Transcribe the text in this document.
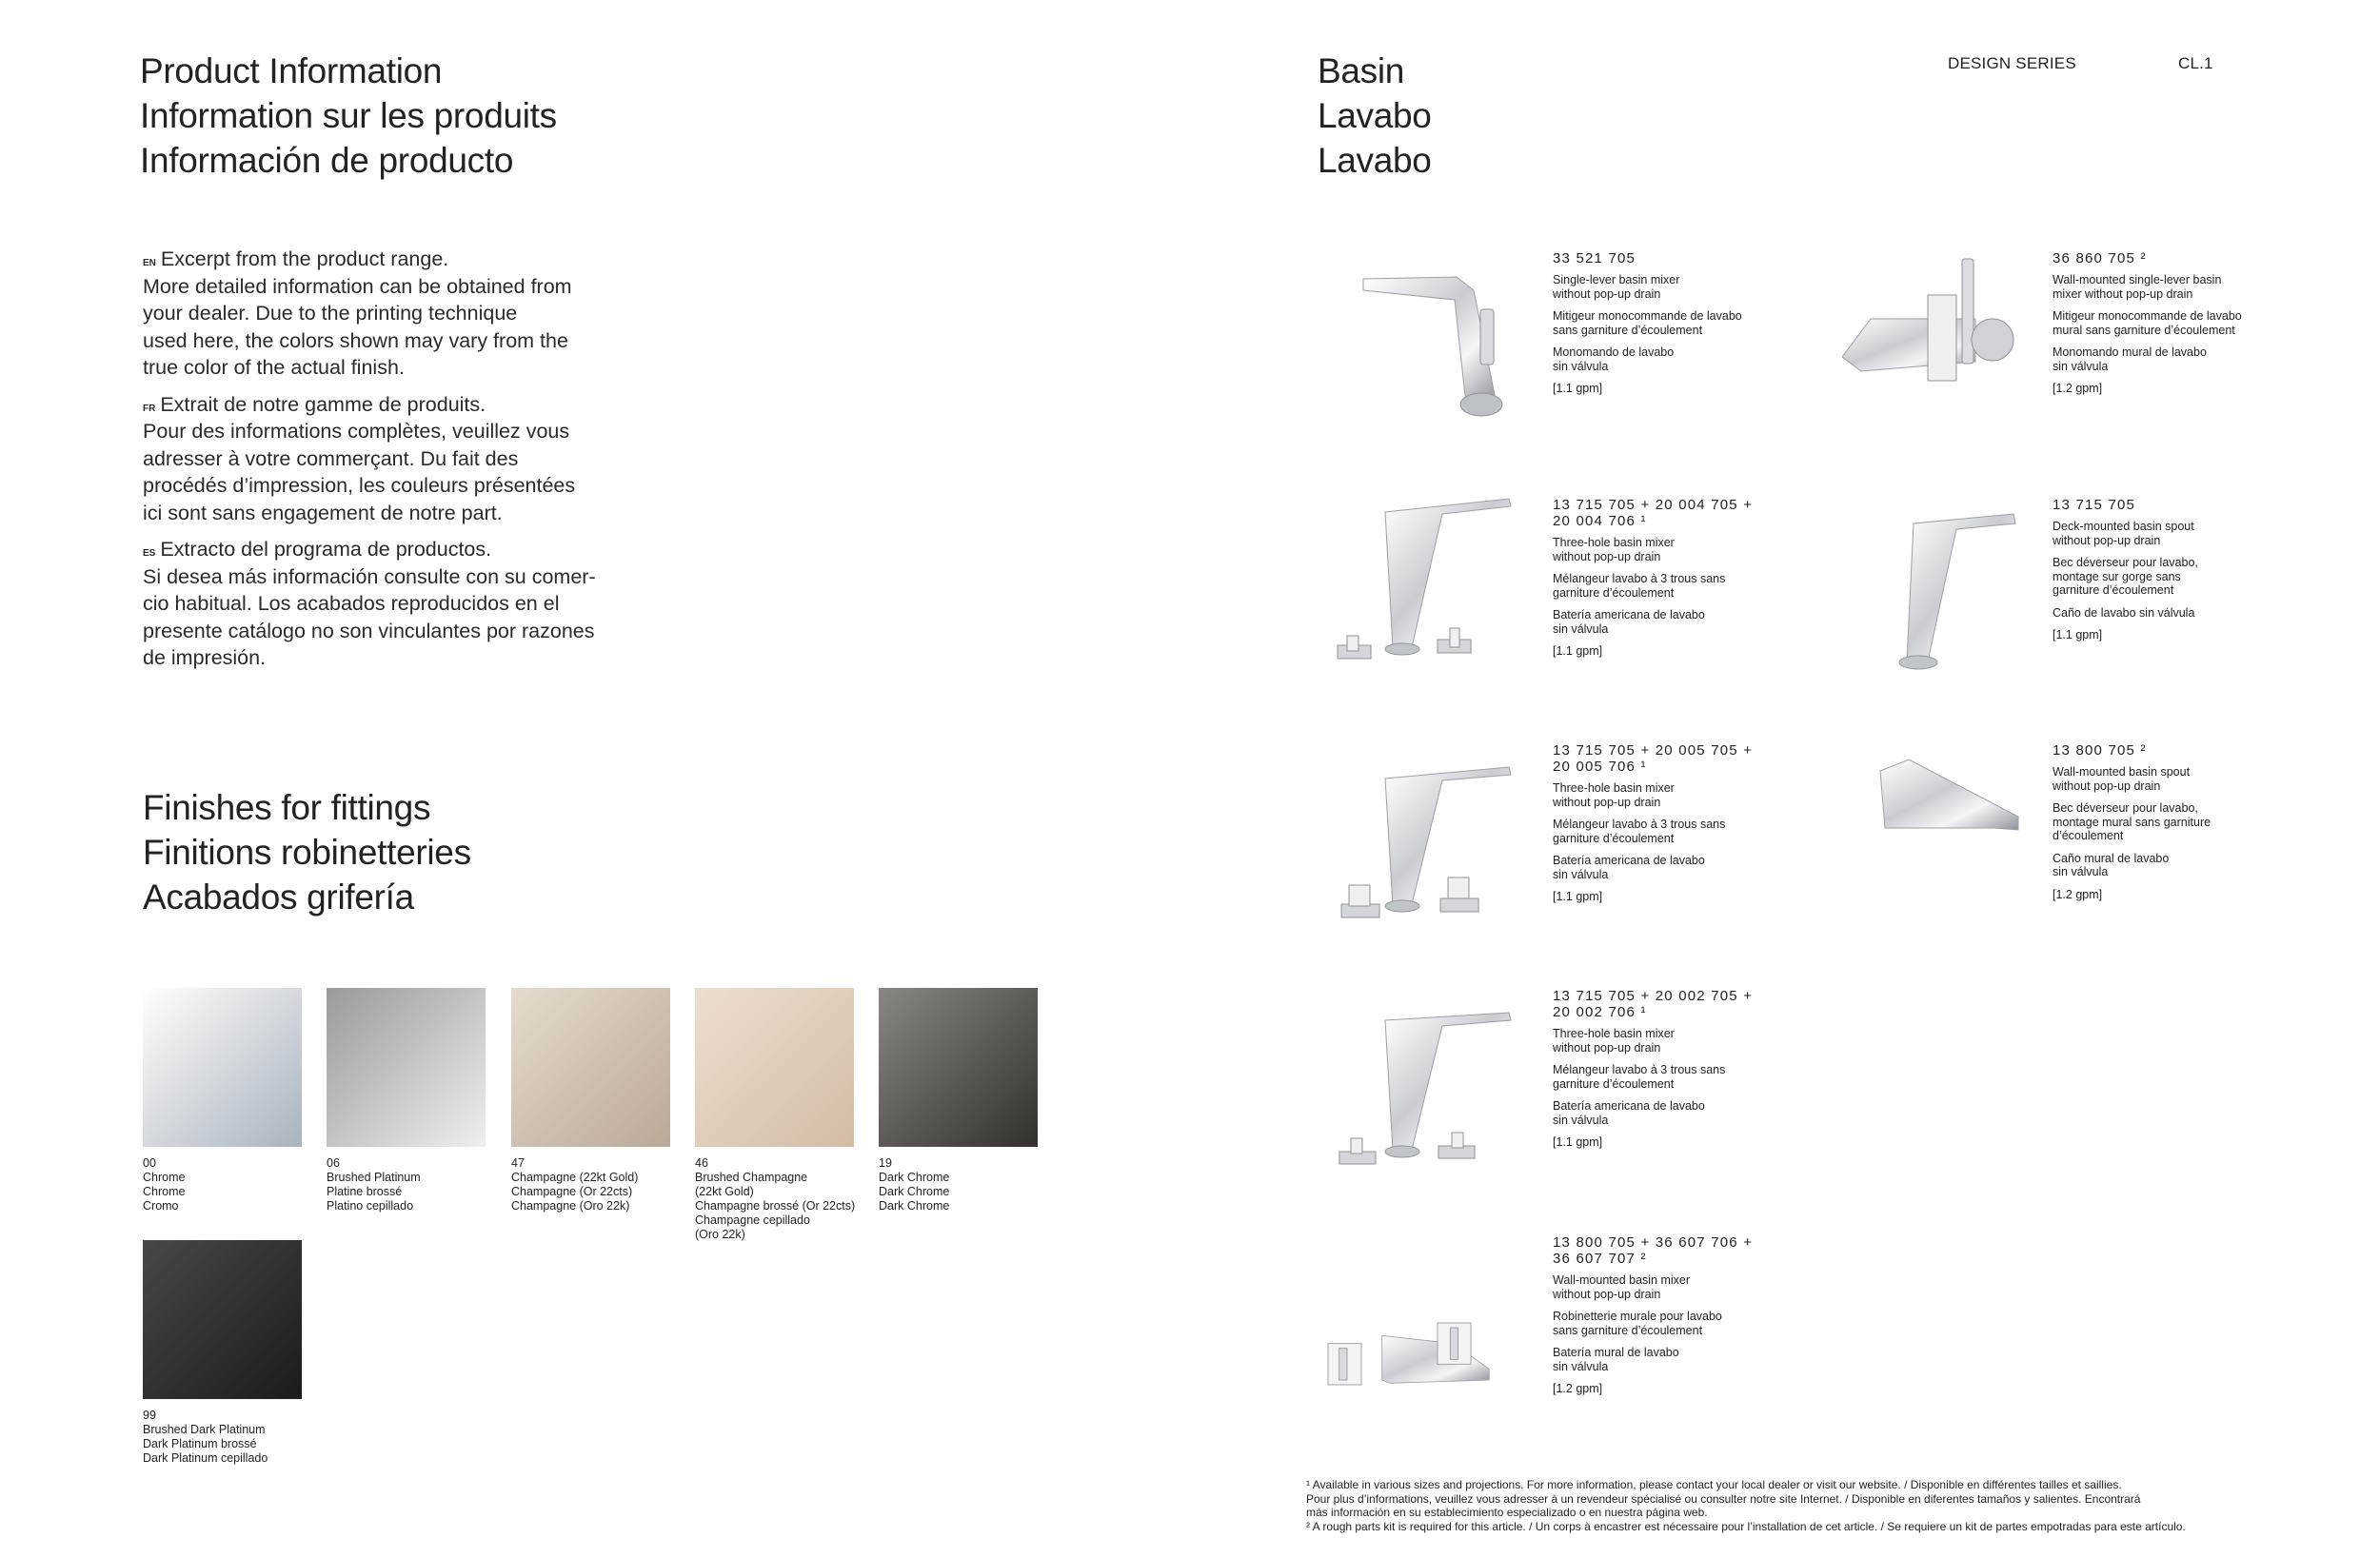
Product Information
Information sur les produits
Información de producto

$^{EN}$ Excerpt from the product range.
More detailed information can be obtained from
your dealer. Due to the printing technique
used here, the colors shown may vary from the
true color of the actual finish.

$^{FR}$ Extrait de notre gamme de produits.
Pour des informations complètes, veuillez vous
adresser à votre commerçant. Du fait des
procédés d’impression, les couleurs présentées
ici sont sans engagement de notre part.

$^{ES}$ Extracto del programa de productos.
Si desea más información consulte con su comer-
cio habitual. Los acabados reproducidos en el
presente catálogo no son vinculantes por razones
de impresión.

Finishes for fittings
Finitions robinetteries
Acabados grifería
00
Chrome
Chrome
Cromo
06
Brushed Platinum
Platine brossé
Platino cepillado
47
Champagne (22kt Gold)
Champagne (Or 22cts)
Champagne (Oro 22k)
46
Brushed Champagne
(22kt Gold)
Champagne brossé (Or 22cts)
Champagne cepillado
(Oro 22k)
19
Dark Chrome
Dark Chrome
Dark Chrome
99
Brushed Dark Platinum
Dark Platinum brossé
Dark Platinum cepillado
Basin
Lavabo
Lavabo
DESIGN SERIES	CL.1
33 521 705
Single-lever basin mixer
without pop-up drain
Mitigeur monocommande de lavabo
sans garniture d’écoulement
Monomando de lavabo
sin válvula
[1.1 gpm]
36 860 705 ²
Wall-mounted single-lever basin
mixer without pop-up drain
Mitigeur monocommande de lavabo
mural sans garniture d’écoulement
Monomando mural de lavabo
sin válvula
[1.2 gpm]
13 715 705 + 20 004 705 +
20 004 706 ¹
Three-hole basin mixer
without pop-up drain
Mélangeur lavabo à 3 trous sans
garniture d’écoulement
Batería americana de lavabo
sin válvula
[1.1 gpm]
13 715 705
Deck-mounted basin spout
without pop-up drain
Bec déverseur pour lavabo,
montage sur gorge sans
garniture d’écoulement
Caño de lavabo sin válvula
[1.1 gpm]
13 715 705 + 20 005 705 +
20 005 706 ¹
Three-hole basin mixer
without pop-up drain
Mélangeur lavabo à 3 trous sans
garniture d’écoulement
Batería americana de lavabo
sin válvula
[1.1 gpm]
13 800 705 ²
Wall-mounted basin spout
without pop-up drain
Bec déverseur pour lavabo,
montage mural sans garniture
d’écoulement
Caño mural de lavabo
sin válvula
[1.2 gpm]
13 715 705 + 20 002 705 +
20 002 706 ¹
Three-hole basin mixer
without pop-up drain
Mélangeur lavabo à 3 trous sans
garniture d’écoulement
Batería americana de lavabo
sin válvula
[1.1 gpm]
13 800 705 + 36 607 706 +
36 607 707 ²
Wall-mounted basin mixer
without pop-up drain
Robinetterie murale pour lavabo
sans garniture d’écoulement
Batería mural de lavabo
sin válvula
[1.2 gpm]
¹ Available in various sizes and projections. For more information, please contact your local dealer or visit our website. / Disponible en différentes tailles et saillies.
Pour plus d’informations, veuillez vous adresser à un revendeur spécialisé ou consulter notre site Internet. / Disponible en diferentes tamaños y salientes. Encontrará
más información en su establecimiento especializado o en nuestra página web.
² A rough parts kit is required for this article. / Un corps à encastrer est nécessaire pour l’installation de cet article. / Se requiere un kit de partes empotradas para este artículo.
